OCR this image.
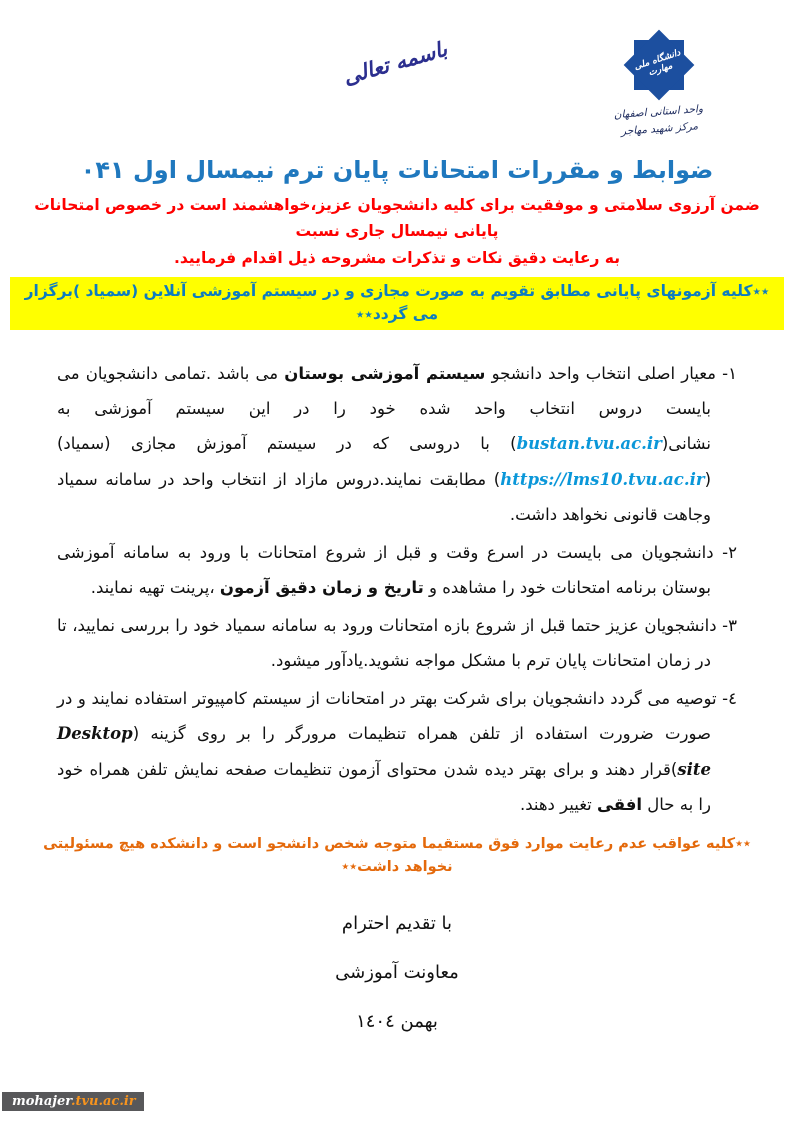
باسمه تعالی	دانشگاه ملی مهارت
واحد استانی اصفهان
مرکز شهید مهاجر
ضوابط و مقررات امتحانات پایان ترم نیمسال اول ۰۴۱
ضمن آرزوی سلامتی و موفقیت برای کلیه دانشجویان عزیز،خواهشمند است در خصوص امتحانات پایانی نیمسال جاری نسبت
به رعایت دقیق نکات و تذکرات مشروحه ذیل اقدام فرمایید.
٭٭کلیه آزمونهای پایانی مطابق تقویم به صورت مجازی و در سیستم آموزشی آنلاین (سمیاد )برگزار می گردد٭٭

۱- معیار اصلی انتخاب واحد دانشجو سیستم آموزشی بوستان می باشد .تمامی دانشجویان می بایست دروس انتخاب واحد شده خود را در این سیستم آموزشی به نشانی(bustan.tvu.ac.ir) با دروسی که در سیستم آموزش مجازی (سمیاد)(https://lms10.tvu.ac.ir) مطابقت نمایند.دروس مازاد از انتخاب واحد در سامانه سمیاد وجاهت قانونی نخواهد داشت.

۲- دانشجویان می بایست در اسرع وقت و قبل از شروع امتحانات با ورود به سامانه آموزشی بوستان برنامه امتحانات خود را مشاهده و تاریخ و زمان دقیق آزمون ،پرینت تهیه نمایند.

۳- دانشجویان عزیز حتما قبل از شروع بازه امتحانات ورود به سامانه سمیاد خود را بررسی نمایید، تا در زمان امتحانات پایان ترم با مشکل مواجه نشوید.یادآور میشود.

٤- توصیه می گردد دانشجویان برای شرکت بهتر در امتحانات از سیستم کامپیوتر استفاده نمایند و در صورت ضرورت استفاده از تلفن همراه تنظیمات مرورگر را بر روی گزینه (Desktop site)قرار دهند و برای بهتر دیده شدن محتوای آزمون تنظیمات صفحه نمایش تلفن همراه خود را به حال افقی تغییر دهند.

٭٭کلیه عواقب عدم رعایت موارد فوق مستقیما متوجه شخص دانشجو است و دانشکده هیچ مسئولیتی نخواهد داشت٭٭
با تقدیم احترام
معاونت آموزشی
بهمن ١٤٠٤
mohajer.tvu.ac.ir
